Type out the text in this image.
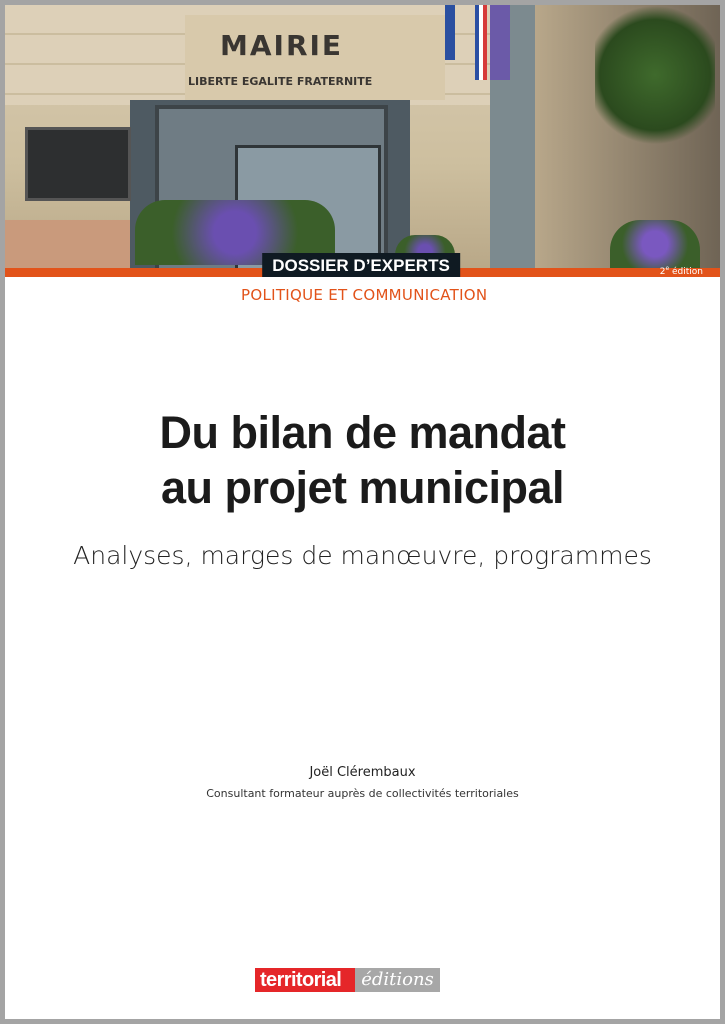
MAIRIE
LIBERTE EGALITE FRATERNITE
DOSSIER D’EXPERTS	2e édition
POLITIQUE ET COMMUNICATION
Du bilan de mandat
au projet municipal
Analyses, marges de manœuvre, programmes
Joël Clérembaux
Consultant formateur auprès de collectivités territoriales
territorial	éditions
